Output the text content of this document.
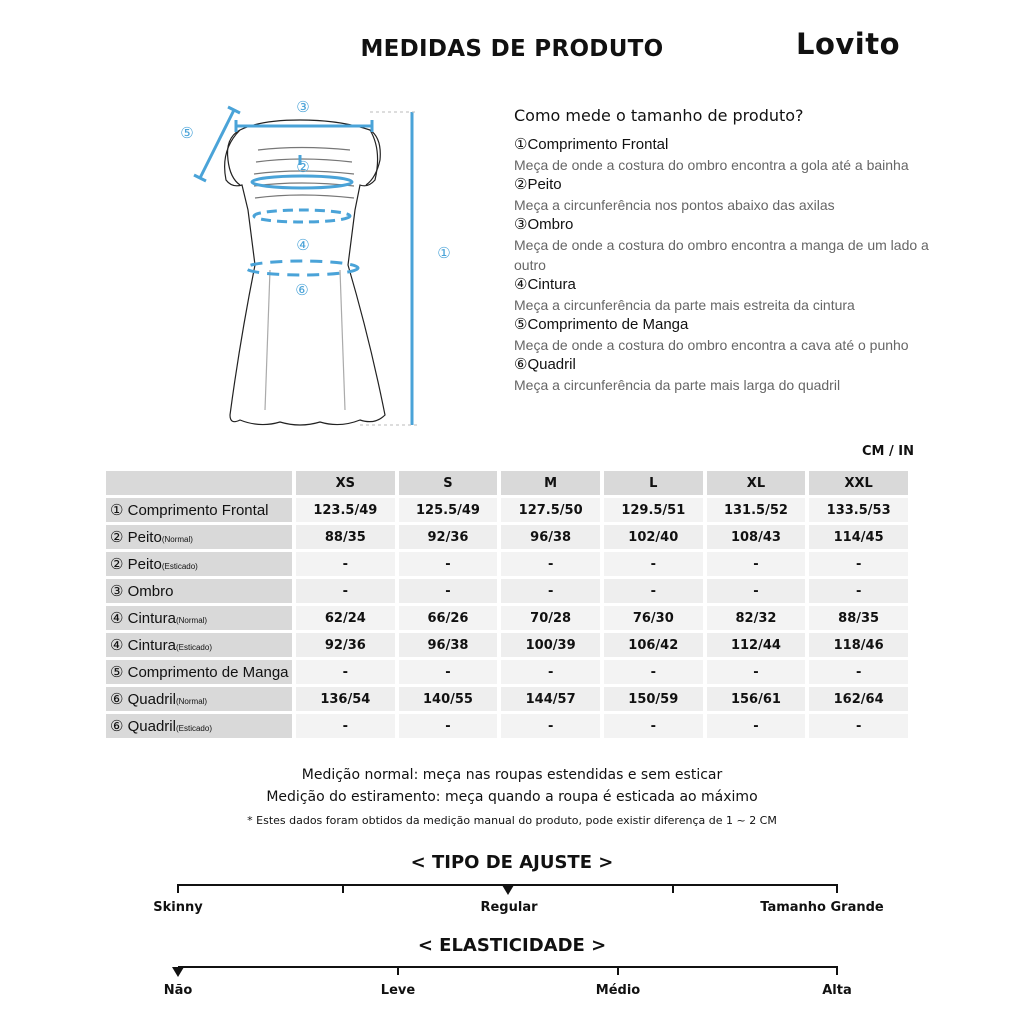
MEDIDAS DE PRODUTO	Lovito
③
⑤
②
④	①
⑥
Como mede o tamanho de produto?
①Comprimento Frontal
Meça de onde a costura do ombro encontra a gola até a bainha
②Peito
Meça a circunferência nos pontos abaixo das axilas
③Ombro
Meça de onde a costura do ombro encontra a manga de um lado a outro
④Cintura
Meça a circunferência da parte mais estreita da cintura
⑤Comprimento de Manga
Meça de onde a costura do ombro encontra a cava até o punho
⑥Quadril
Meça a circunferência da parte mais larga do quadril
CM / IN
	XS	S	M	L	XL	XXL
① Comprimento Frontal	123.5/49	125.5/49	127.5/50	129.5/51	131.5/52	133.5/53
② Peito(Normal)	88/35	92/36	96/38	102/40	108/43	114/45
② Peito(Esticado)	-	-	-	-	-	-
③ Ombro	-	-	-	-	-	-
④ Cintura(Normal)	62/24	66/26	70/28	76/30	82/32	88/35
④ Cintura(Esticado)	92/36	96/38	100/39	106/42	112/44	118/46
⑤ Comprimento de Manga	-	-	-	-	-	-
⑥ Quadril(Normal)	136/54	140/55	144/57	150/59	156/61	162/64
⑥ Quadril(Esticado)	-	-	-	-	-	-
Medição normal: meça nas roupas estendidas e sem esticar
Medição do estiramento: meça quando a roupa é esticada ao máximo
* Estes dados foram obtidos da medição manual do produto, pode existir diferença de 1 ~ 2 CM
< TIPO DE AJUSTE >
Skinny	Regular	Tamanho Grande
< ELASTICIDADE >
Não	Leve	Médio	Alta
